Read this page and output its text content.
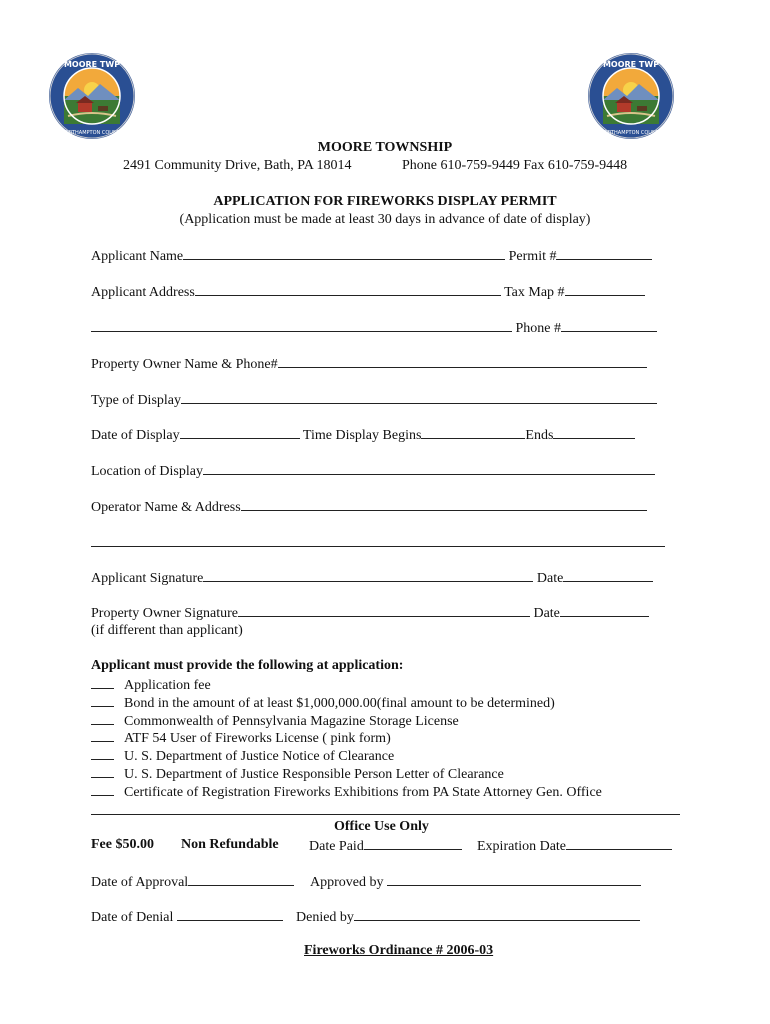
MOORE TWP
NORTHAMPTON COUNTY
MOORE TWP
NORTHAMPTON COUNTY
MOORE TOWNSHIP
2491 Community Drive, Bath, PA 18014	Phone 610-759-9449 Fax 610-759-9448
APPLICATION FOR FIREWORKS DISPLAY PERMIT
(Application must be made at least 30 days in advance of date of display)
Applicant Name	Permit #
Applicant Address	Tax Map #
Phone #
Property Owner Name & Phone#
Type of Display
Date of Display	Time Display Begins	Ends
Location of Display
Operator Name & Address
Applicant Signature	Date
Property Owner Signature	Date
(if different than applicant)
Applicant must provide the following at application:
Application fee
Bond in the amount of at least $1,000,000.00(final amount to be determined)
Commonwealth of Pennsylvania Magazine Storage License
ATF 54 User of Fireworks License ( pink form)
U. S. Department of Justice Notice of Clearance
U. S. Department of Justice Responsible Person Letter of Clearance
Certificate of Registration Fireworks Exhibitions from PA State Attorney Gen. Office
Office Use Only
Fee $50.00 Non Refundable Date Paid	Expiration Date
Date of Approval	Approved by
Date of Denial	Denied by
Fireworks Ordinance # 2006-03
